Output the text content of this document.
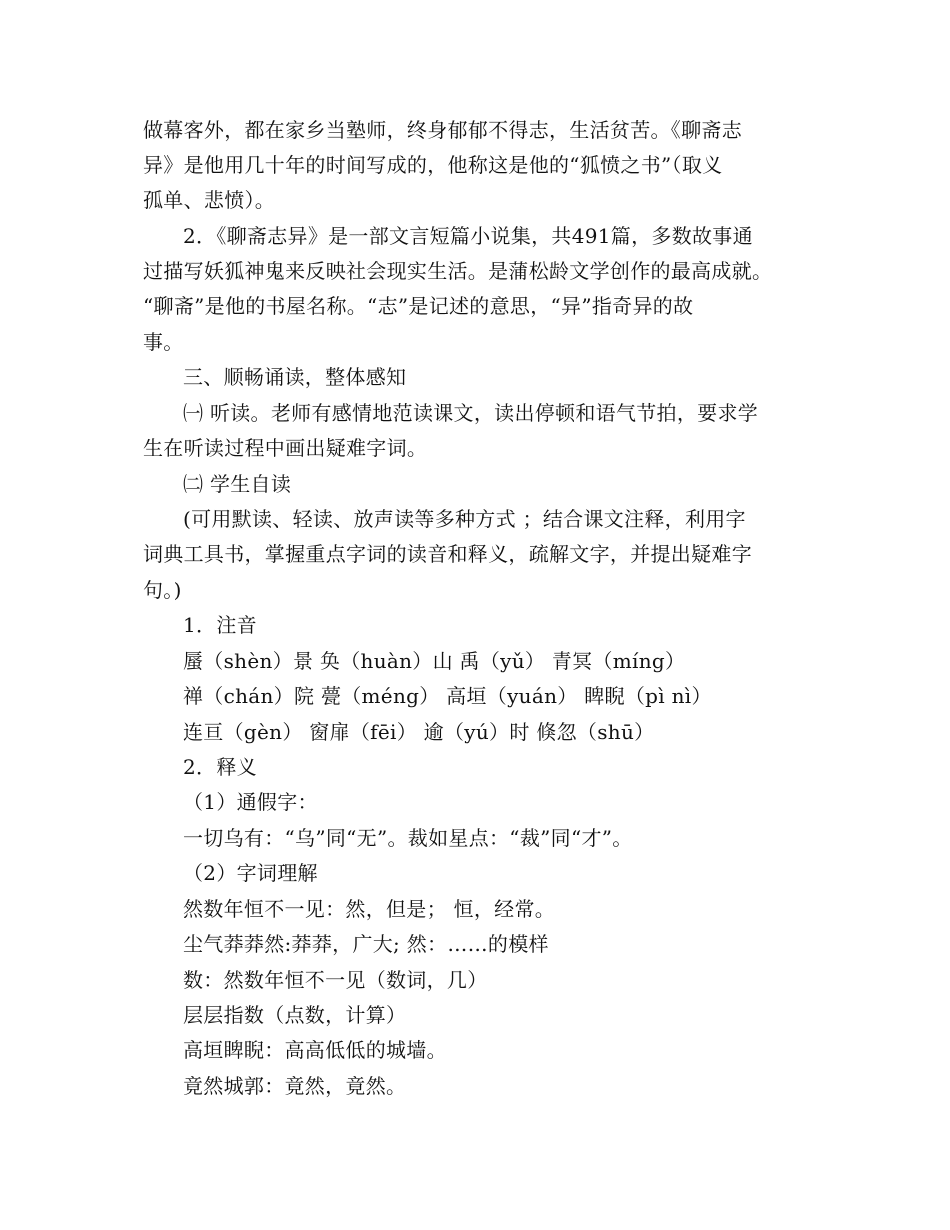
做幕客外，都在家乡当塾师，终身郁郁不得志，生活贫苦。《聊斋志
异》是他用几十年的时间写成的，他称这是他的“狐愤之书”（取义
孤单、悲愤）。
2．《聊斋志异》是一部文言短篇小说集，共491篇，多数故事通
过描写妖狐神鬼来反映社会现实生活。是蒲松龄文学创作的最高成就。
“聊斋”是他的书屋名称。“志”是记述的意思，“异”指奇异的故
事。
三、顺畅诵读，整体感知
㈠ 听读。老师有感情地范读课文，读出停顿和语气节拍，要求学
生在听读过程中画出疑难字词。
㈡ 学生自读
(可用默读、轻读、放声读等多种方式 ；结合课文注释，利用字
词典工具书，掌握重点字词的读音和释义，疏解文字，并提出疑难字
句。)
1．注音
蜃（shèn）景 奂（huàn）山 禹（yǔ） 青冥（míng）
禅（chán）院 甍（méng） 高垣（yuán） 睥睨（pì nì）
连亘（gèn） 窗扉（fēi） 逾（yú）时 倏忽（shū）
2．释义
（1）通假字：
一切乌有：“乌”同“无”。裁如星点：“裁”同“才”。
（2）字词理解
然数年恒不一见：然，但是； 恒，经常。
尘气莽莽然:莽莽，广大; 然：……的模样
数：然数年恒不一见（数词，几）
层层指数（点数，计算）
高垣睥睨：高高低低的城墙。
竟然城郭：竟然，竟然。
